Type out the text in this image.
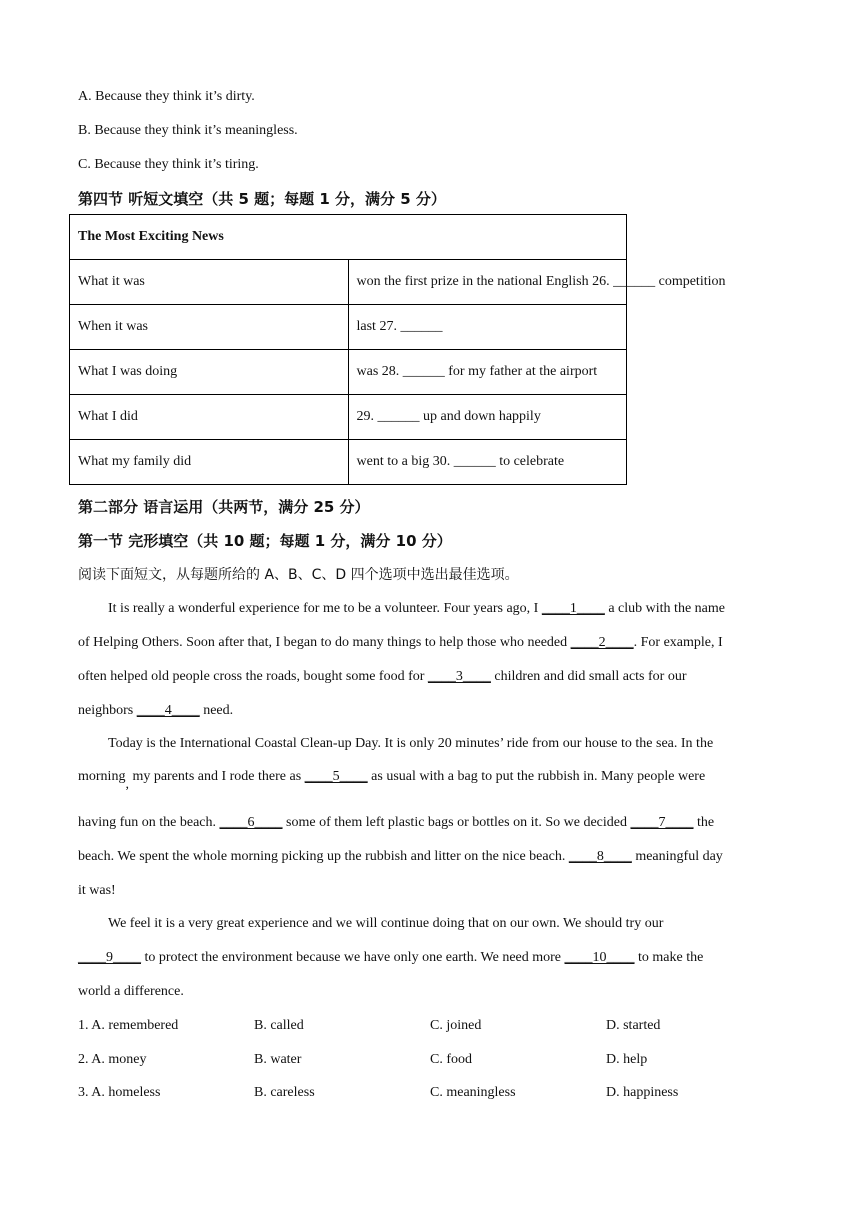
A. Because they think it’s dirty.
B. Because they think it’s meaningless.
C. Because they think it’s tiring.
第四节 听短文填空（共 5 题；每题 1 分，满分 5 分）
The Most Exciting News	
What it was	won the first prize in the national English 26. ______ competition
When it was	last 27. ______
What I was doing	was 28. ______ for my father at the airport
What I did	29. ______ up and down happily
What my family did	went to a big 30. ______ to celebrate
第二部分 语言运用（共两节，满分 25 分）
第一节 完形填空（共 10 题；每题 1 分，满分 10 分）
阅读下面短文，从每题所给的 A、B、C、D 四个选项中选出最佳选项。
It is really a wonderful experience for me to be a volunteer. Four years ago, I ____1____ a club with the name
of Helping Others. Soon after that, I began to do many things to help those who needed ____2____. For example, I
often helped old people cross the roads, bought some food for ____3____ children and did small acts for our
neighbors ____4____ need.
Today is the International Coastal Clean-up Day. It is only 20 minutes’ ride from our house to the sea. In the
morning, my parents and I rode there as ____5____ as usual with a bag to put the rubbish in. Many people were
having fun on the beach. ____6____ some of them left plastic bags or bottles on it. So we decided ____7____ the
beach. We spent the whole morning picking up the rubbish and litter on the nice beach. ____8____ meaningful day
it was!
We feel it is a very great experience and we will continue doing that on our own. We should try our
____9____ to protect the environment because we have only one earth. We need more ____10____ to make the
world a difference.
1. A. remembered	B. called	C. joined	D. started
2. A. money	B. water	C. food	D. help
3. A. homeless	B. careless	C. meaningless	D. happiness
